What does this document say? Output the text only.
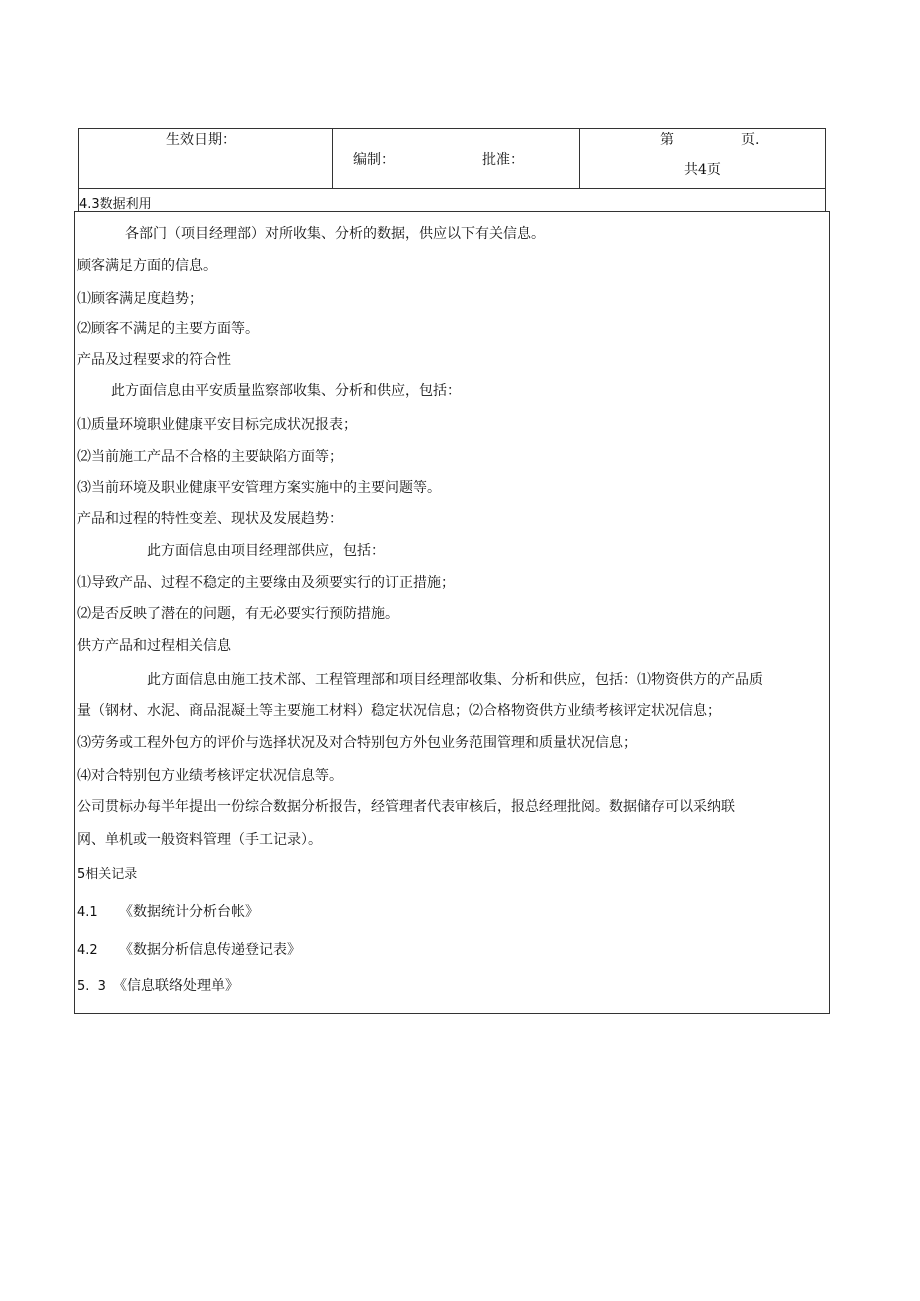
生效日期：
编制：	批准：
第	页.
共4页
4.3数据利用
各部门（项目经理部）对所收集、分析的数据，供应以下有关信息。
顾客满足方面的信息。
⑴顾客满足度趋势；
⑵顾客不满足的主要方面等。
产品及过程要求的符合性
此方面信息由平安质量监察部收集、分析和供应，包括：
⑴质量环境职业健康平安目标完成状况报表；
⑵当前施工产品不合格的主要缺陷方面等；
⑶当前环境及职业健康平安管理方案实施中的主要问题等。
产品和过程的特性变差、现状及发展趋势：
此方面信息由项目经理部供应，包括：
⑴导致产品、过程不稳定的主要缘由及须要实行的订正措施；
⑵是否反映了潜在的问题，有无必要实行预防措施。
供方产品和过程相关信息
此方面信息由施工技术部、工程管理部和项目经理部收集、分析和供应，包括：⑴物资供方的产品质
量（钢材、水泥、商品混凝土等主要施工材料）稳定状况信息；⑵合格物资供方业绩考核评定状况信息；
⑶劳务或工程外包方的评价与选择状况及对合特别包方外包业务范围管理和质量状况信息；
⑷对合特别包方业绩考核评定状况信息等。
公司贯标办每半年提出一份综合数据分析报告，经管理者代表审核后，报总经理批阅。数据储存可以采纳联
网、单机或一般资料管理（手工记录）。
5相关记录
4.1 《数据统计分析台帐》
4.2 《数据分析信息传递登记表》
5.  3 《信息联络处理单》
